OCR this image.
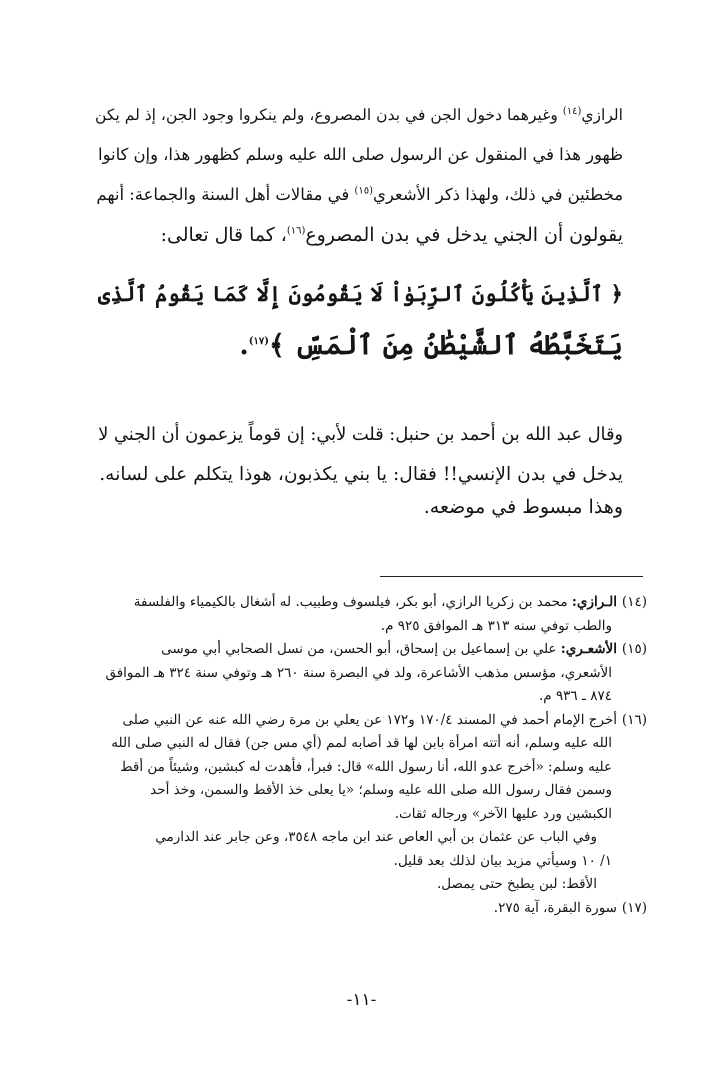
الرازي$^{(١٤)}$ وغيرهما دخول الجن في بدن المصروع، ولم ينكروا وجود الجن، إذ لم يكن
ظهور هذا في المنقول عن الرسول صلى الله عليه وسلم كظهور هذا، وإن كانوا
مخطئين في ذلك، ولهذا ذكر الأشعري$^{(١٥)}$ في مقالات أهل السنة والجماعة: أنهم
يقولون أن الجني يدخل في بدن المصروع$^{(١٦)}$، كما قال تعالى:
﴿ ٱلَّذِينَ يَأْكُلُونَ ٱلرِّبَوٰاْ لَا يَقُومُونَ إِلَّا كَمَا يَقُومُ ٱلَّذِى
يَتَخَبَّطُهُ ٱلشَّيْطَٰنُ مِنَ ٱلْمَسِّ ﴾$^{(١٧)}$.
وقال عبد الله بن أحمد بن حنبل: قلت لأبي: إن قوماً يزعمون أن الجني لا
يدخل في بدن الإنسي!! فقال: يا بني يكذبون، هوذا يتكلم على لسانه.
وهذا مبسوط في موضعه.
(١٤)الـرازي: محمد بن زكريا الرازي، أبو بكر، فيلسوف وطبيب. له أشغال بالكيمياء والفلسفة
والطب توفي سنه ٣١٣ هـ الموافق ٩٢٥ م.
(١٥)الأشعـري: علي بن إسماعيل بن إسحاق، أبو الحسن، من نسل الصحابي أبي موسى
الأشعري، مؤسس مذهب الأشاعرة، ولد في البصرة سنة ٢٦٠ هـ وتوفي سنة ٣٢٤ هـ الموافق
٨٧٤ ـ ٩٣٦ م.
(١٦)أخرج الإمام أحمد في المسند ١٧٠/٤ و١٧٢ عن يعلي بن مرة رضي الله عنه عن النبي صلى
الله عليه وسلم، أنه أتته امرأة بابن لها قد أصابه لمم (أي مس جن) فقال له النبي صلى الله
عليه وسلم: «أخرج عدو الله، أنا رسول الله» قال: فبرأ، فأهدت له كبشين، وشيئاً من أقط
وسمن فقال رسول الله صلى الله عليه وسلم؛ «يا يعلى خذ الأقط والسمن، وخذ أحد
الكبشين ورد عليها الآخر» ورجاله ثقات.
وفي الباب عن عثمان بن أبي العاص عند ابن ماجه ٣٥٤٨، وعن جابر عند الدارمي
١/ ١٠ وسيأتي مزيد بيان لذلك بعد قليل.
الأقط: لبن يطبخ حتى يمصل.
(١٧)سورة البقرة، آية ٢٧٥.
-١١-
